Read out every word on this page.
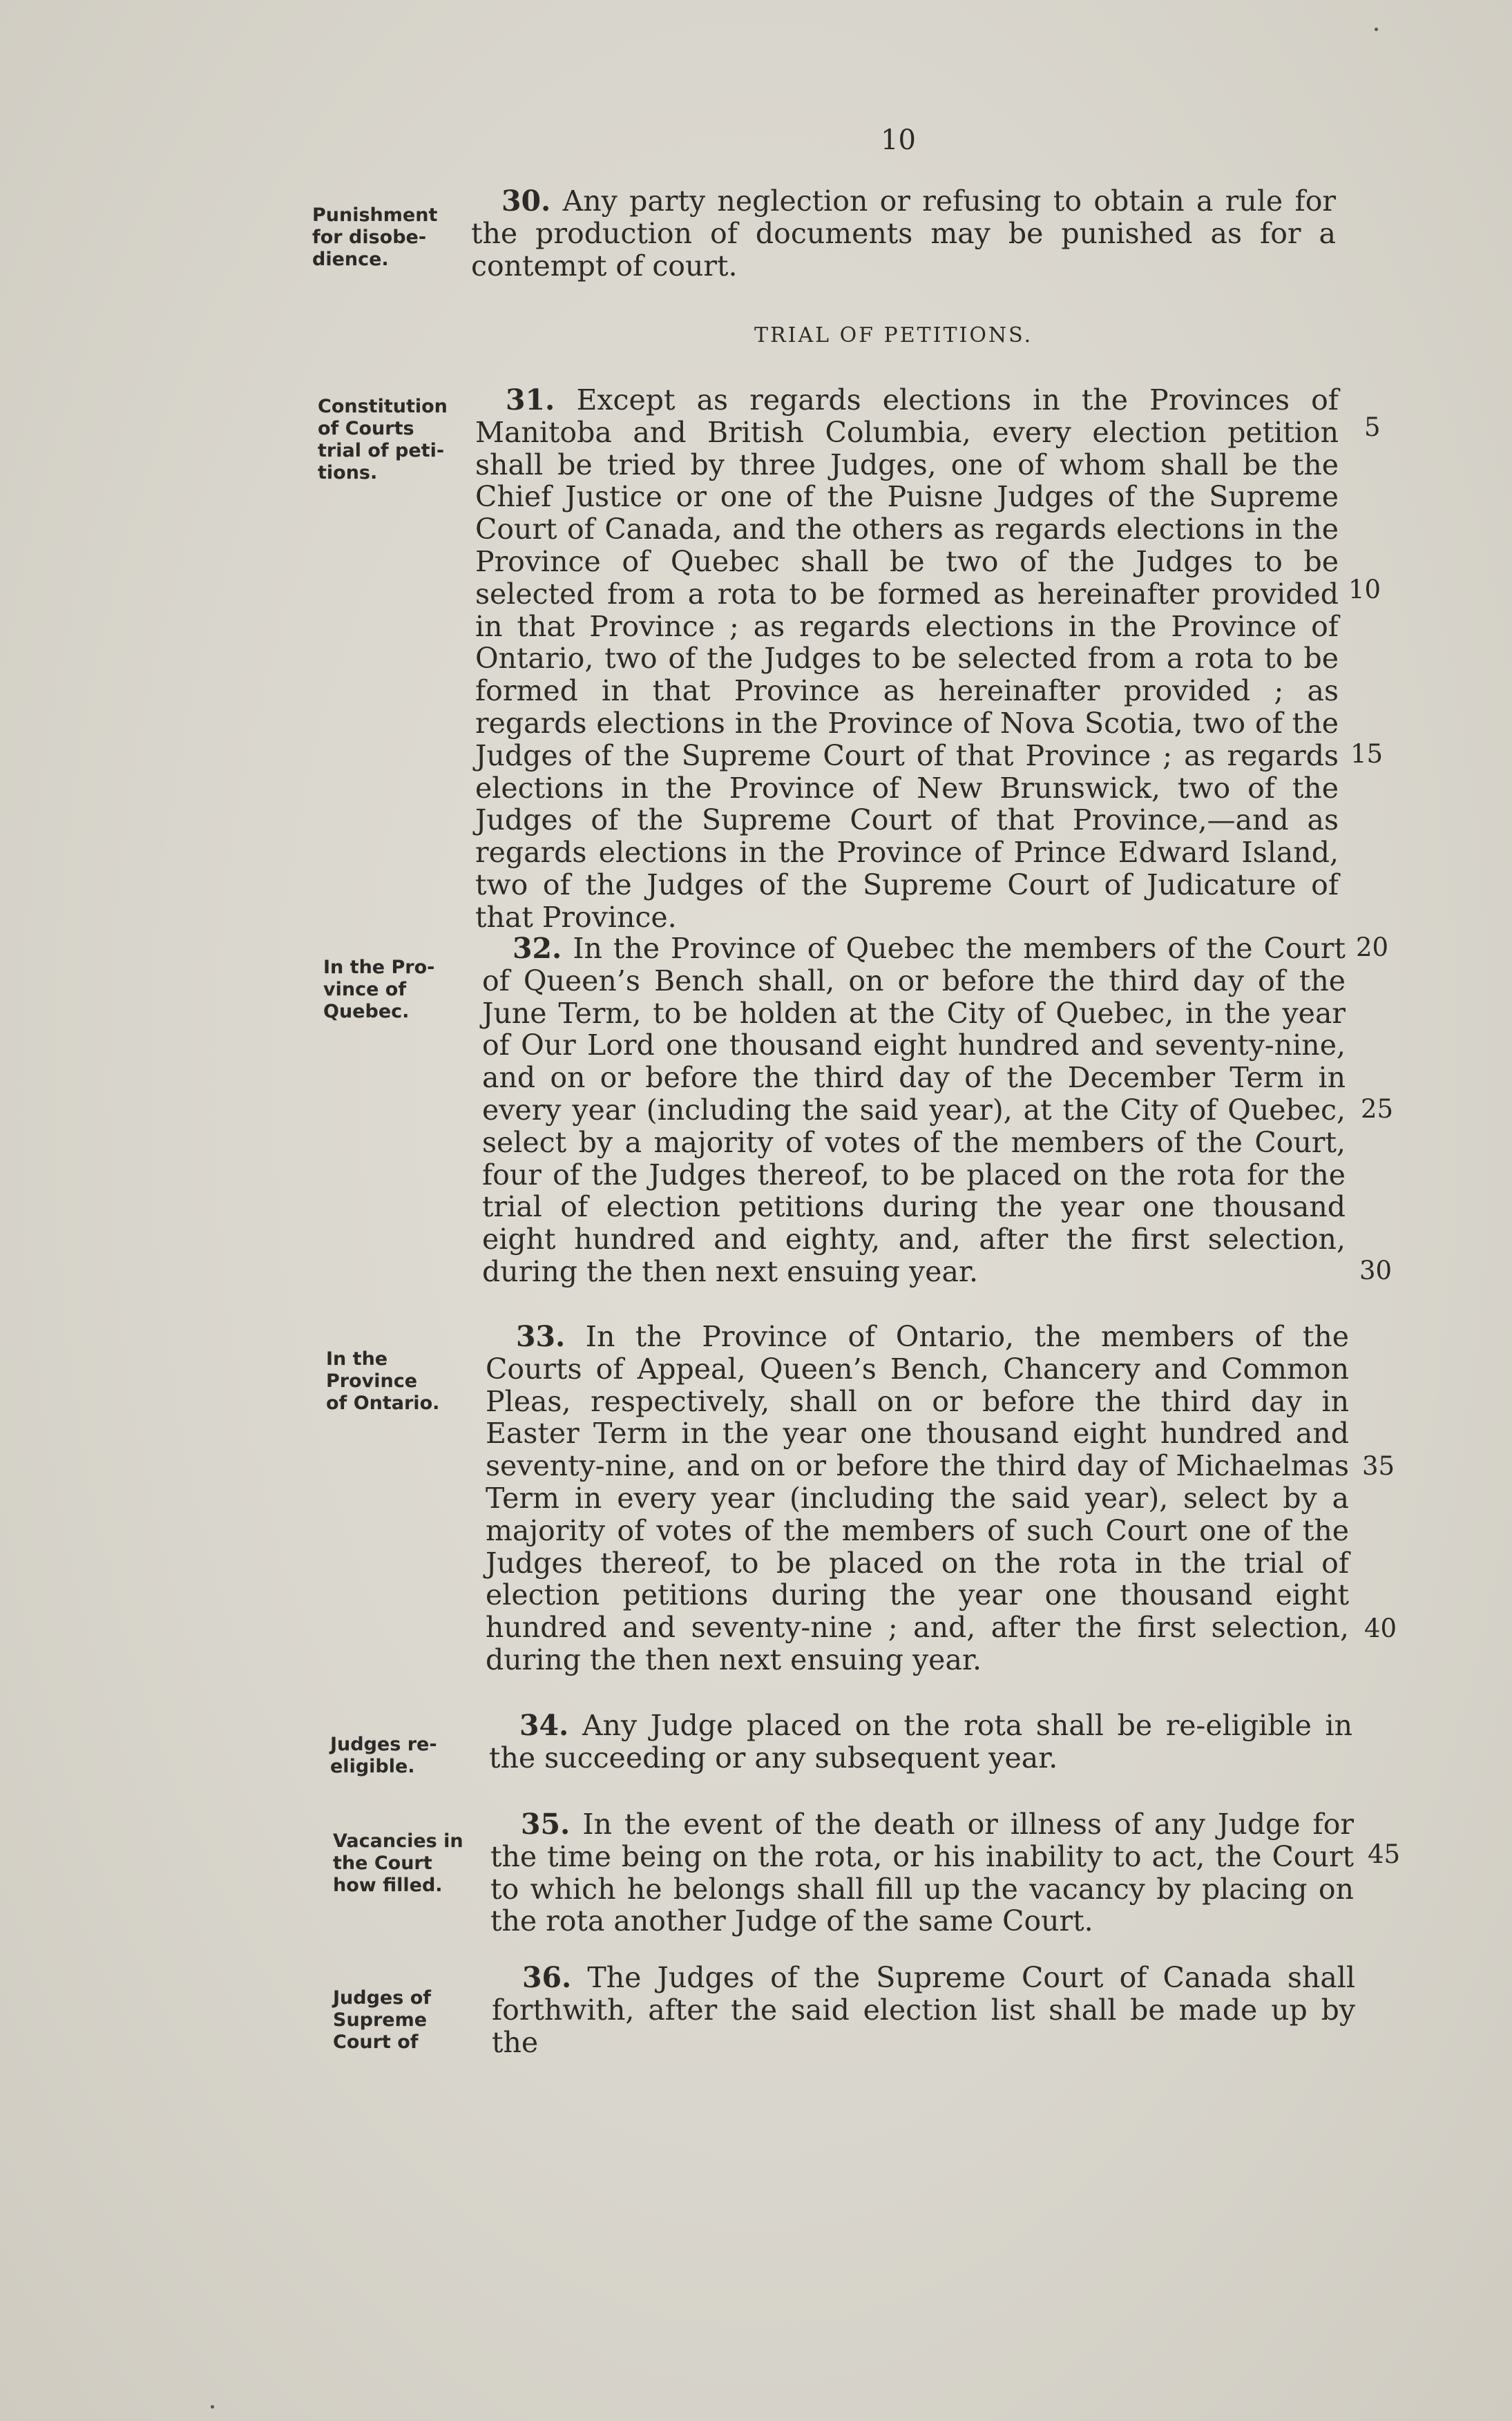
10
TRIAL OF PETITIONS.
Punishment
for disobe-
dience.
Constitution
of Courts
trial of peti-
tions.
In the Pro-
vince of
Quebec.
In the
Province
of Ontario.
Judges re-
eligible.
Vacancies in
the Court
how filled.
Judges of
Supreme
Court of
30. Any party neglection or refusing to obtain a rule for the production of documents may be punished as for a contempt of court.
31. Except as regards elections in the Provinces of Manitoba and British Columbia, every election petition shall be tried by three Judges, one of whom shall be the Chief Justice or one of the Puisne Judges of the Supreme Court of Canada, and the others as regards elections in the Province of Quebec shall be two of the Judges to be selected from a rota to be formed as hereinafter provided in that Province ; as regards elections in the Province of Ontario, two of the Judges to be selected from a rota to be formed in that Province as hereinafter provided ; as regards elections in the Province of Nova Scotia, two of the Judges of the Supreme Court of that Province ; as regards elections in the Province of New Brunswick, two of the Judges of the Supreme Court of that Province,—and as regards elections in the Province of Prince Edward Island, two of the Judges of the Supreme Court of Judicature of that Province.
32. In the Province of Quebec the members of the Court of Queen’s Bench shall, on or before the third day of the June Term, to be holden at the City of Quebec, in the year of Our Lord one thousand eight hundred and seventy-nine, and on or before the third day of the December Term in every year (including the said year), at the City of Quebec, select by a majority of votes of the members of the Court, four of the Judges thereof, to be placed on the rota for the trial of election petitions during the year one thousand eight hundred and eighty, and, after the first selection, during the then next ensuing year.
33. In the Province of Ontario, the members of the Courts of Appeal, Queen’s Bench, Chancery and Common Pleas, respectively, shall on or before the third day in Easter Term in the year one thousand eight hundred and seventy-nine, and on or before the third day of Michaelmas Term in every year (including the said year), select by a majority of votes of the members of such Court one of the Judges thereof, to be placed on the rota in the trial of election petitions during the year one thousand eight hundred and seventy-nine ; and, after the first selection, during the then next ensuing year.
34. Any Judge placed on the rota shall be re-eligible in the succeeding or any subsequent year.
35. In the event of the death or illness of any Judge for the time being on the rota, or his inability to act, the Court to which he belongs shall fill up the vacancy by placing on the rota another Judge of the same Court.
36. The Judges of the Supreme Court of Canada shall forthwith, after the said election list shall be made up by the
5
10
15
20
25
30
35
40
45
